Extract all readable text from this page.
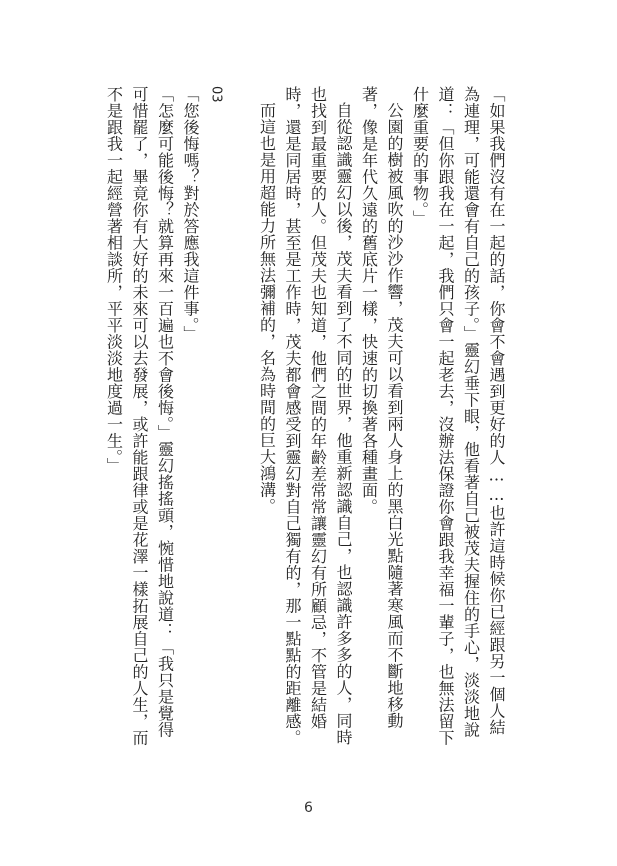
「如果我們沒有在一起的話，你會不會遇到更好的人……也許這時候你已經跟另一個人結為連理，可能還會有自己的孩子。」靈幻垂下眼，他看著自己被茂夫握住的手心，淡淡地說道：「但你跟我在一起，我們只會一起老去，沒辦法保證你會跟我幸福一輩子，也無法留下什麼重要的事物。」

公園的樹被風吹的沙沙作響，茂夫可以看到兩人身上的黑白光點隨著寒風而不斷地移動著，像是年代久遠的舊底片一樣，快速的切換著各種畫面。

自從認識靈幻以後，茂夫看到了不同的世界，他重新認識自己，也認識許多多的人，同時也找到最重要的人。但茂夫也知道，他們之間的年齡差常常讓靈幻有所顧忌，不管是結婚時，還是同居時，甚至是工作時，茂夫都會感受到靈幻對自己獨有的，那一點點的距離感。

而這也是用超能力所無法彌補的，名為時間的巨大鴻溝。

03

「您後悔嗎？對於答應我這件事。」

「怎麼可能後悔？就算再來一百遍也不會後悔。」靈幻搖搖頭，惋惜地說道：「我只是覺得可惜罷了，畢竟你有大好的未來可以去發展，或許能跟律或是花澤一樣拓展自己的人生，而不是跟我一起經營著相談所，平平淡淡地度過一生。」

6
